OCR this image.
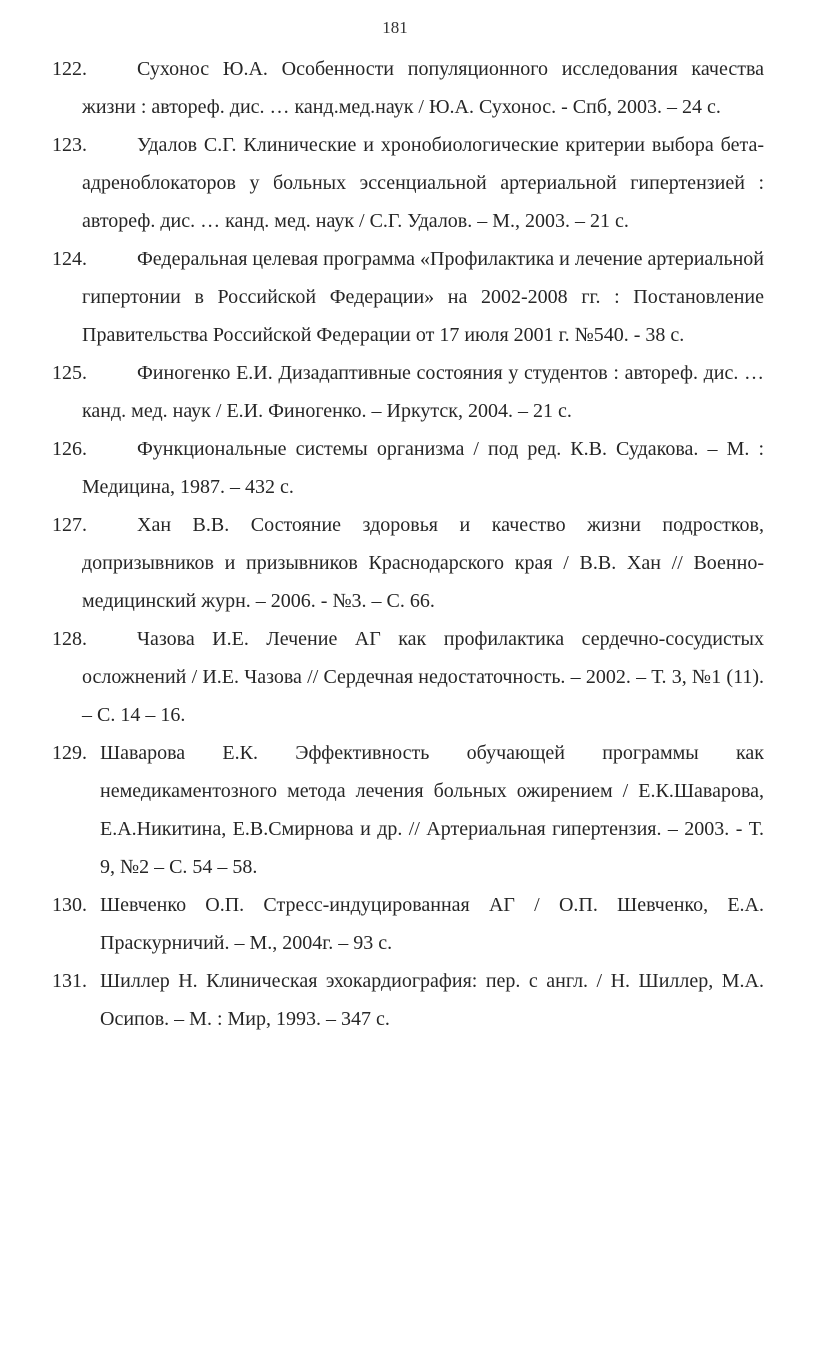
181
122.	Сухонос Ю.А. Особенности популяционного исследования качества жизни : автореф. дис. … канд.мед.наук / Ю.А. Сухонос. - Спб, 2003. – 24 с.
123.	Удалов С.Г. Клинические и хронобиологические критерии выбора бета-адреноблокаторов у больных эссенциальной артериальной гипертензией : автореф. дис. … канд. мед. наук / С.Г. Удалов. – М., 2003. – 21 с.
124.	Федеральная целевая программа «Профилактика и лечение артериальной гипертонии в Российской Федерации» на 2002-2008 гг. : Постановление Правительства Российской Федерации от 17 июля 2001 г. №540. - 38 с.
125.	Финогенко Е.И. Дизадаптивные состояния у студентов : автореф. дис. … канд. мед. наук / Е.И. Финогенко. – Иркутск, 2004. – 21 с.
126.	Функциональные системы организма / под ред. К.В. Судакова. – М. : Медицина, 1987. – 432 с.
127.	Хан В.В. Состояние здоровья и качество жизни подростков, допризывников и призывников Краснодарского края / В.В. Хан // Военно-медицинский журн. – 2006. - №3. – С. 66.
128.	Чазова И.Е. Лечение АГ как профилактика сердечно-сосудистых осложнений / И.Е. Чазова // Сердечная недостаточность. – 2002. – Т. 3, №1 (11). – С. 14 – 16.
129. Шаварова Е.К. Эффективность обучающей программы как немедикаментозного метода лечения больных ожирением / Е.К.Шаварова, Е.А.Никитина, Е.В.Смирнова и др. // Артериальная гипертензия. – 2003. - Т. 9, №2 – С. 54 – 58.
130. Шевченко О.П. Стресс-индуцированная АГ / О.П. Шевченко, Е.А. Праскурничий. – М., 2004г. – 93 с.
131. Шиллер Н. Клиническая эхокардиография: пер. с англ. / Н. Шиллер, М.А. Осипов. – М. : Мир, 1993. – 347 с.
